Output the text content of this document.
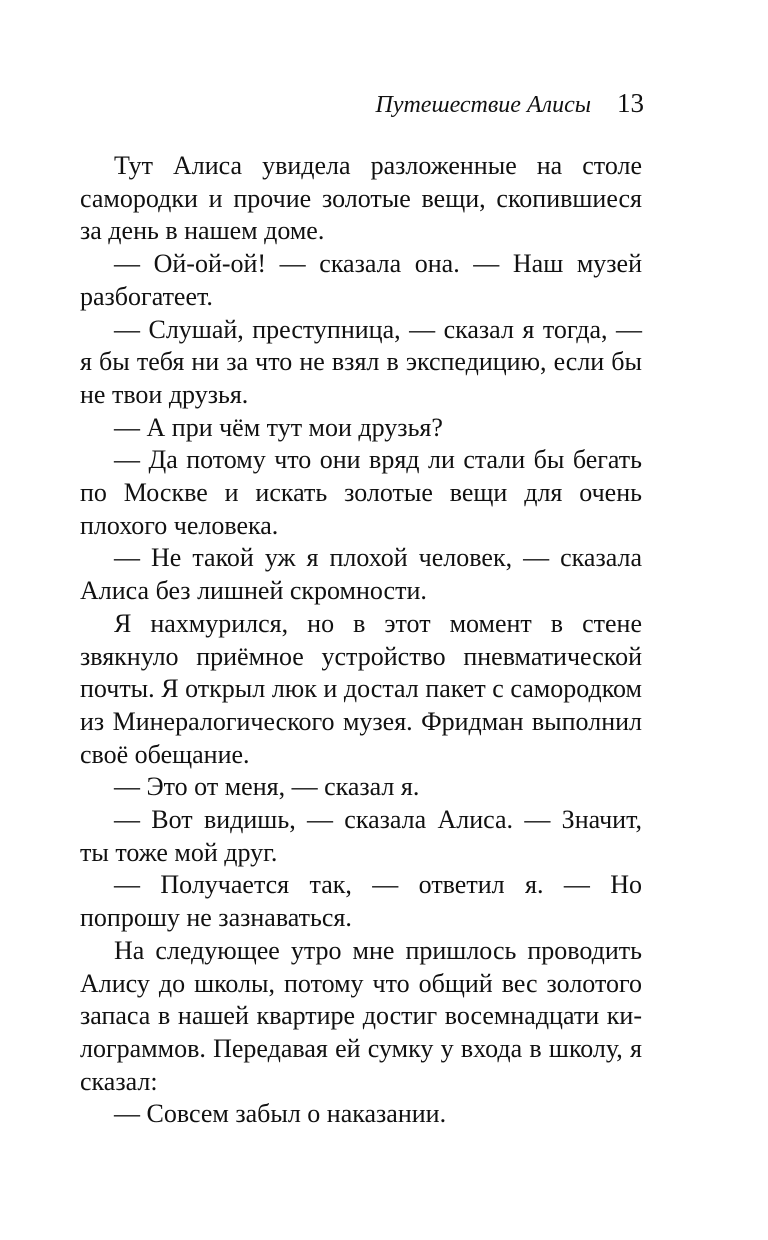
Путешествие Алисы 13

Тут Алиса увидела разложенные на столе самородки и прочие золотые вещи, скопившиеся за день в нашем доме.

— Ой-ой-ой! — сказала она. — Наш музей разбогатеет.

— Слушай, преступница, — сказал я тогда, — я бы тебя ни за что не взял в экспедицию, если бы не твои друзья.

— А при чём тут мои друзья?

— Да потому что они вряд ли стали бы бегать по Москве и искать золотые вещи для очень плохого человека.

— Не такой уж я плохой человек, — сказала Алиса без лишней скромности.

Я нахмурился, но в этот момент в стене звякнуло приёмное устройство пневматической почты. Я открыл люк и достал пакет с самородком из Минералогического музея. Фридман выполнил своё обещание.

— Это от меня, — сказал я.

— Вот видишь, — сказала Алиса. — Значит, ты тоже мой друг.

— Получается так, — ответил я. — Но попрошу не зазнаваться.

На следующее утро мне пришлось проводить Алису до школы, потому что общий вес золотого запаса в нашей квартире достиг восемнадцати килограммов. Передавая ей сумку у входа в школу, я сказал:

— Совсем забыл о наказании.
